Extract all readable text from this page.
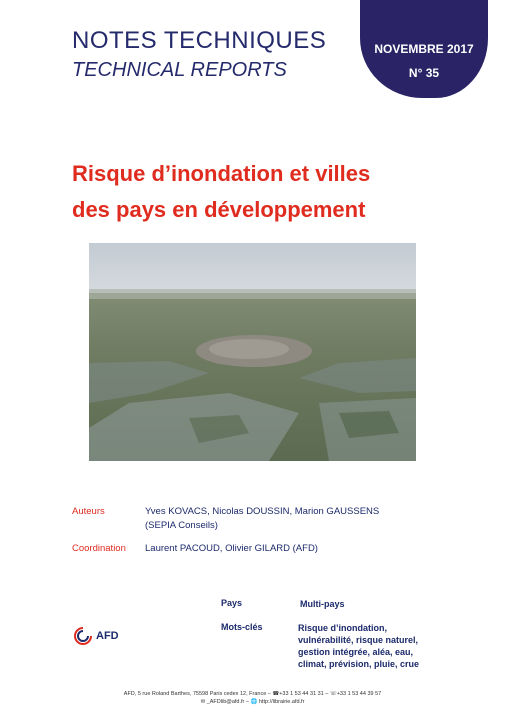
NOTES TECHNIQUES
TECHNICAL REPORTS
NOVEMBRE 2017
N° 35
Risque d’inondation et villes
des pays en développement
Auteurs	Yves KOVACS, Nicolas DOUSSIN, Marion GAUSSENS
(SEPIA Conseils)
Coordination Laurent PACOUD, Olivier GILARD (AFD)
Pays	Multi-pays
Mots-clés	Risque d’inondation,
vulnérabilité, risque naturel,
gestion intégrée, aléa, eau,
climat, prévision, pluie, crue
AFD
AFD, 5 rue Roland Barthes, 75598 Paris cedex 12, France – ☎+33 1 53 44 31 31 – ☏+33 1 53 44 39 57
✉ _AFDlib@afd.fr – 🌐 http://librairie.afd.fr
